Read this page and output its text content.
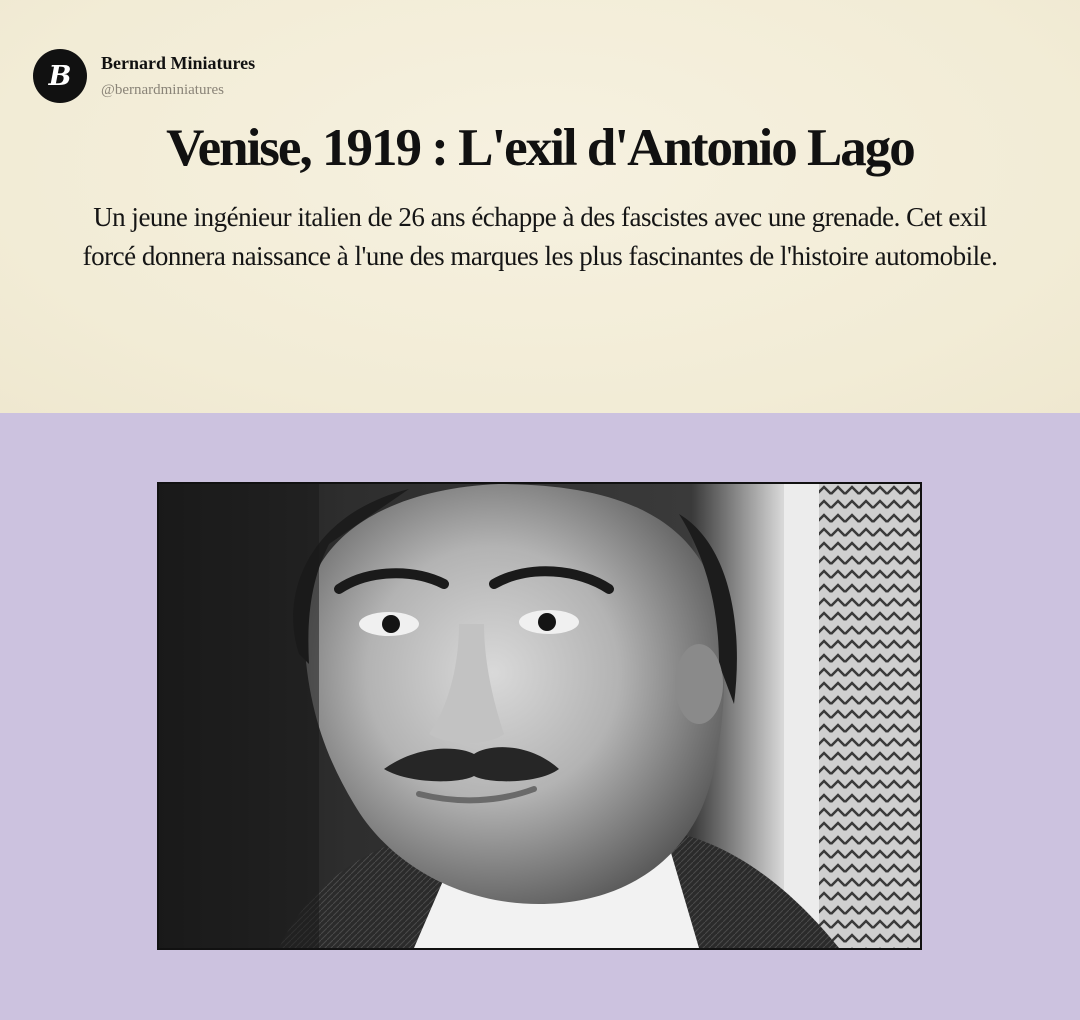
B Bernard Miniatures
@bernardminiatures
Venise, 1919 : L'exil d'Antonio Lago
Un jeune ingénieur italien de 26 ans échappe à des fascistes avec une grenade. Cet exil forcé donnera naissance à l'une des marques les plus fascinantes de l'histoire automobile.
